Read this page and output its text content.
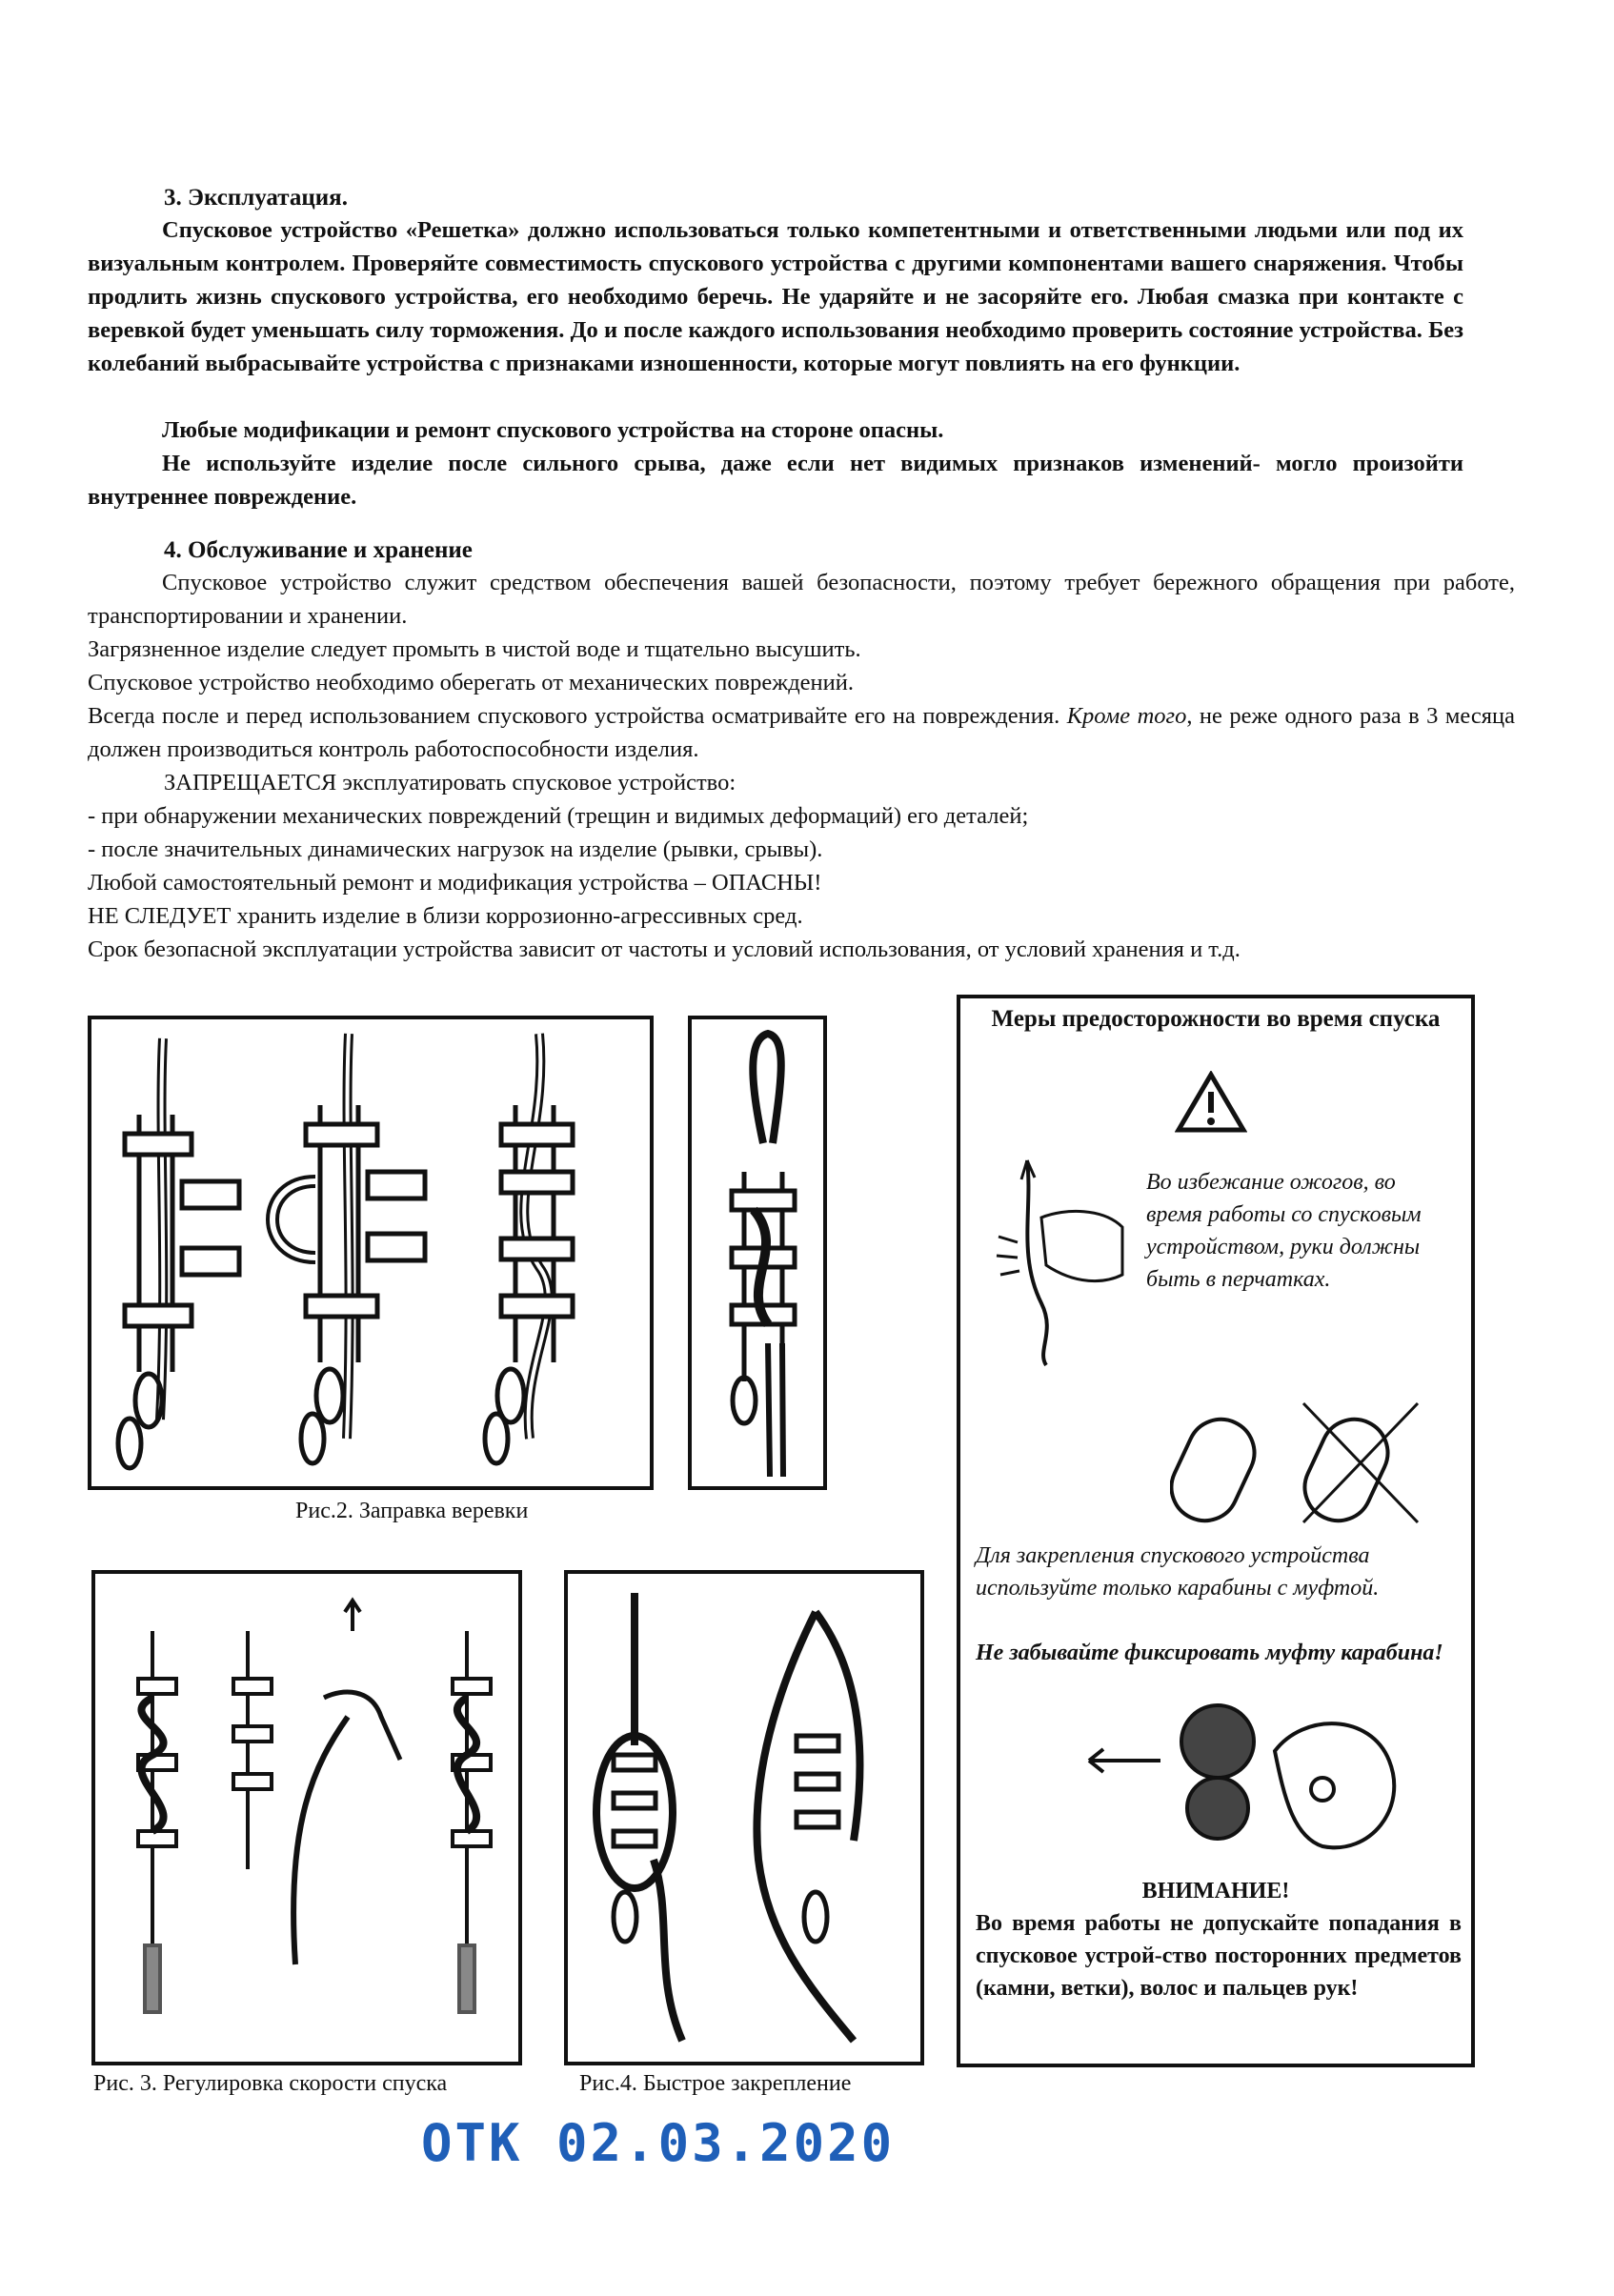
3. Эксплуатация.
Спусковое устройство «Решетка» должно использоваться только компетентными и ответственными людьми или под их визуальным контролем. Проверяйте совместимость спускового устройства с другими компонентами вашего снаряжения. Чтобы продлить жизнь спускового устройства, его необходимо беречь. Не ударяйте и не засоряйте его. Любая смазка при контакте с веревкой будет уменьшать силу торможения. До и после каждого использования необходимо проверить состояние устройства. Без колебаний выбрасывайте устройства с признаками изношенности, которые могут повлиять на его функции.
Любые модификации и ремонт спускового устройства на стороне опасны.
Не используйте изделие после сильного срыва, даже если нет видимых признаков изменений- могло произойти внутреннее повреждение.
4. Обслуживание и хранение
Спусковое устройство служит средством обеспечения вашей безопасности, поэтому требует бережного обращения при работе, транспортировании и хранении.
Загрязненное изделие следует промыть в чистой воде и тщательно высушить.
Спусковое устройство необходимо оберегать от механических повреждений.
Всегда после и перед использованием спускового устройства осматривайте его на повреждения. Кроме того, не реже одного раза в 3 месяца должен производиться контроль работоспособности изделия.
ЗАПРЕЩАЕТСЯ эксплуатировать спусковое устройство:
- при обнаружении механических повреждений (трещин и видимых деформаций) его деталей;
- после значительных динамических нагрузок на изделие (рывки, срывы).
Любой самостоятельный ремонт и модификация устройства – ОПАСНЫ!
НЕ СЛЕДУЕТ хранить изделие в близи коррозионно-агрессивных сред.
Срок безопасной эксплуатации устройства зависит от частоты и условий использования, от условий хранения и т.д.
Рис.2. Заправка веревки
Рис. 3. Регулировка скорости спуска	Рис.4. Быстрое закрепление
Меры предосторожности во время спуска
Во избежание ожогов, во время работы со спусковым устройством, руки должны быть в перчатках.
Для закрепления спускового устройства используйте только карабины с муфтой.
Не забывайте фиксировать муфту карабина!
ВНИМАНИЕ!
Во время работы не допускайте попадания в спусковое устрой-ство посторонних предметов (камни, ветки), волос и пальцев рук!
ОТК 02.03.2020
